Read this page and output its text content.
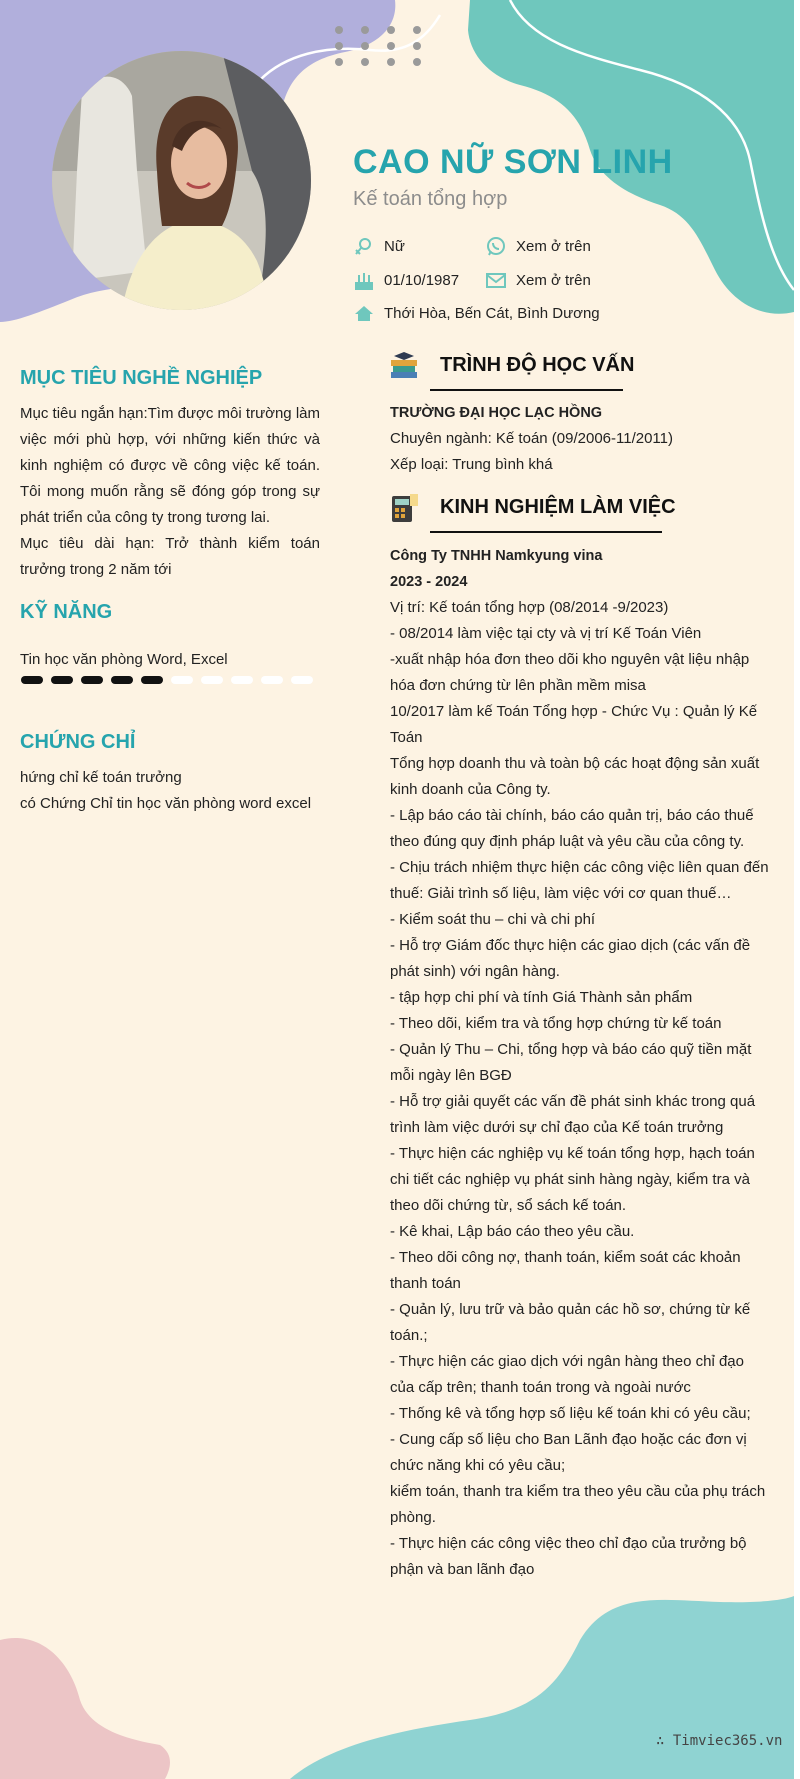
CAO NỮ SƠN LINH
Kế toán tổng hợp
Nữ	Xem ở trên
01/10/1987	Xem ở trên
Thới Hòa, Bến Cát, Bình Dương
MỤC TIÊU NGHỀ NGHIỆP

Mục tiêu ngắn hạn:Tìm được môi trường làm việc mới phù hợp, với những kiến thức và kinh nghiệm có được về công việc kế toán. Tôi mong muốn rằng sẽ đóng góp trong sự phát triển của công ty trong tương lai.

Mục tiêu dài hạn: Trở thành kiểm toán trưởng trong 2 năm tới

KỸ NĂNG
Tin học văn phòng Word, Excel
CHỨNG CHỈ
hứng chỉ kế toán trưởng
có Chứng Chỉ tin học văn phòng word excel
TRÌNH ĐỘ HỌC VẤN

TRƯỜNG ĐẠI HỌC LẠC HỒNG

Chuyên ngành: Kế toán (09/2006-11/2011)

Xếp loại: Trung bình khá

KINH NGHIỆM LÀM VIỆC

Công Ty TNHH Namkyung vina

2023 - 2024

Vị trí: Kế toán tổng hợp (08/2014 -9/2023)

- 08/2014 làm việc tại cty và vị trí Kế Toán Viên

-xuất nhập hóa đơn theo dõi kho nguyên vật liệu nhập hóa đơn chứng từ lên phần mềm misa

10/2017 làm kế Toán Tổng hợp - Chức Vụ : Quản lý Kế Toán

Tổng hợp doanh thu và toàn bộ các hoạt động sản xuất kinh doanh của Công ty.

- Lập báo cáo tài chính, báo cáo quản trị, báo cáo thuế theo đúng quy định pháp luật và yêu cầu của công ty.

- Chịu trách nhiệm thực hiện các công việc liên quan đến thuế: Giải trình số liệu, làm việc với cơ quan thuế…

- Kiểm soát thu – chi và chi phí

- Hỗ trợ Giám đốc thực hiện các giao dịch (các vấn đề phát sinh) với ngân hàng.

- tập hợp chi phí và tính Giá Thành sản phẩm

- Theo dõi, kiểm tra và tổng hợp chứng từ kế toán

- Quản lý Thu – Chi, tổng hợp và báo cáo quỹ tiền mặt mỗi ngày lên BGĐ

- Hỗ trợ giải quyết các vấn đề phát sinh khác trong quá trình làm việc dưới sự chỉ đạo của Kế toán trưởng

- Thực hiện các nghiệp vụ kế toán tổng hợp, hạch toán chi tiết các nghiệp vụ phát sinh hàng ngày, kiểm tra và theo dõi chứng từ, sổ sách kế toán.

- Kê khai, Lập báo cáo theo yêu cầu.

- Theo dõi công nợ, thanh toán, kiểm soát các khoản thanh toán

- Quản lý, lưu trữ và bảo quản các hồ sơ, chứng từ kế toán.;

- Thực hiện các giao dịch với ngân hàng theo chỉ đạo của cấp trên; thanh toán trong và ngoài nước

- Thống kê và tổng hợp số liệu kế toán khi có yêu cầu;

- Cung cấp số liệu cho Ban Lãnh đạo hoặc các đơn vị chức năng khi có yêu cầu;

kiểm toán, thanh tra kiểm tra theo yêu cầu của phụ trách phòng.

- Thực hiện các công việc theo chỉ đạo của trưởng bộ phận và ban lãnh đạo

∴ Timviec365.vn
